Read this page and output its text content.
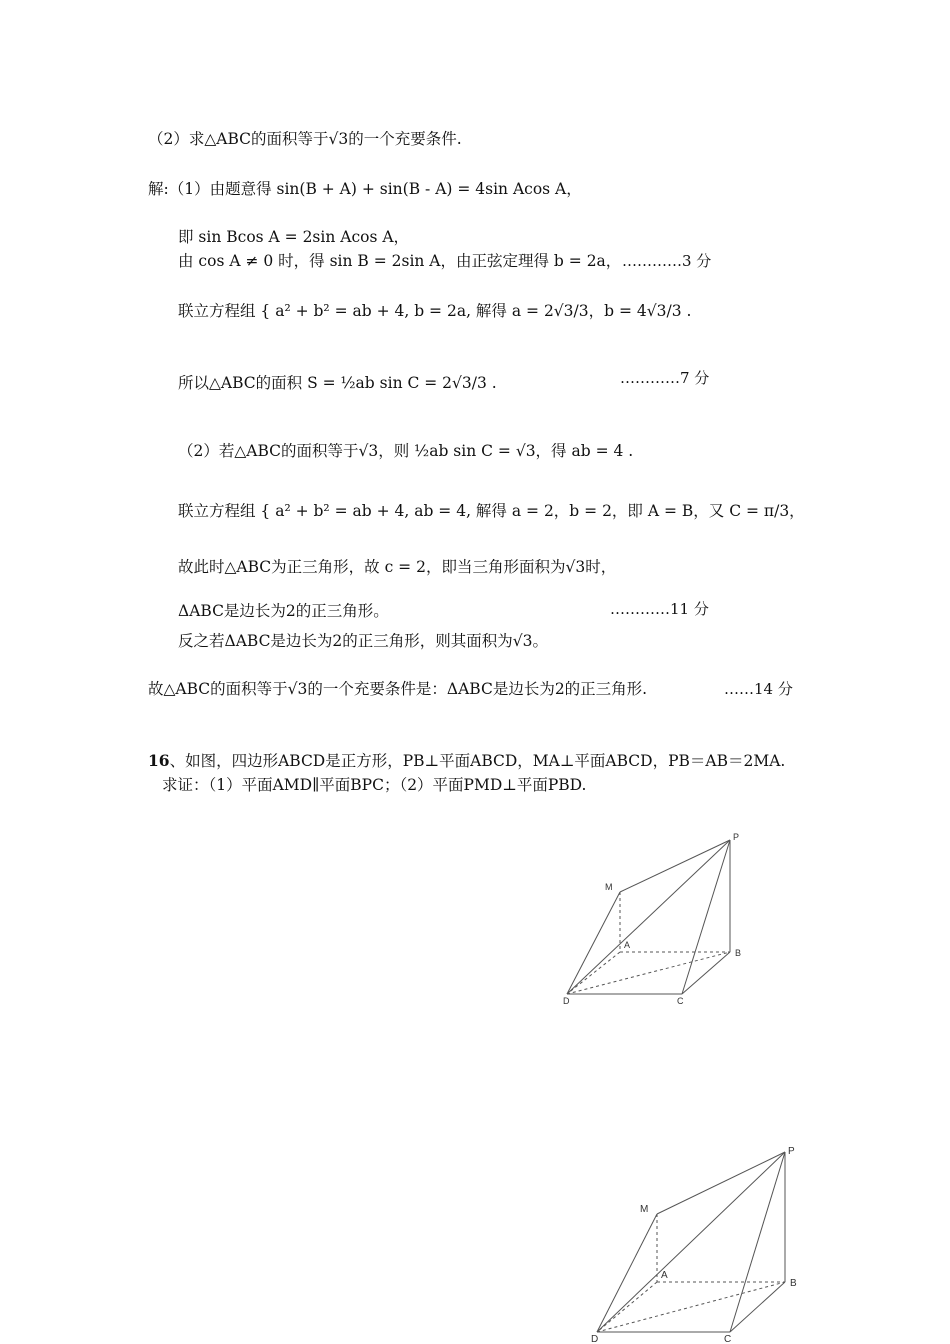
（2）求△ABC的面积等于√3的一个充要条件.
解:（1）由题意得 sin(B + A) + sin(B - A) = 4sin Acos A，
即 sin Bcos A = 2sin Acos A，
由 cos A ≠ 0 时，得 sin B = 2sin A，由正弦定理得 b = 2a， …………3 分
联立方程组 { a² + b² = ab + 4, b = 2a, 解得 a = 2√3/3，b = 4√3/3 .
所以△ABC的面积 S = ½ab sin C = 2√3/3 .	…………7 分
（2）若△ABC的面积等于√3，则 ½ab sin C = √3，得 ab = 4 .
联立方程组 { a² + b² = ab + 4, ab = 4, 解得 a = 2，b = 2，即 A = B，又 C = π/3，
故此时△ABC为正三角形，故 c = 2，即当三角形面积为√3时，
ΔABC是边长为2的正三角形。	…………11 分
反之若ΔABC是边长为2的正三角形，则其面积为√3。
故△ABC的面积等于√3的一个充要条件是：ΔABC是边长为2的正三角形.	……14 分
16、如图，四边形ABCD是正方形，PB⊥平面ABCD，MA⊥平面ABCD，PB＝AB＝2MA.
求证：（1）平面AMD∥平面BPC；（2）平面PMD⊥平面PBD.
P
M
A
B
C
D
P
M
A
B
C
D
